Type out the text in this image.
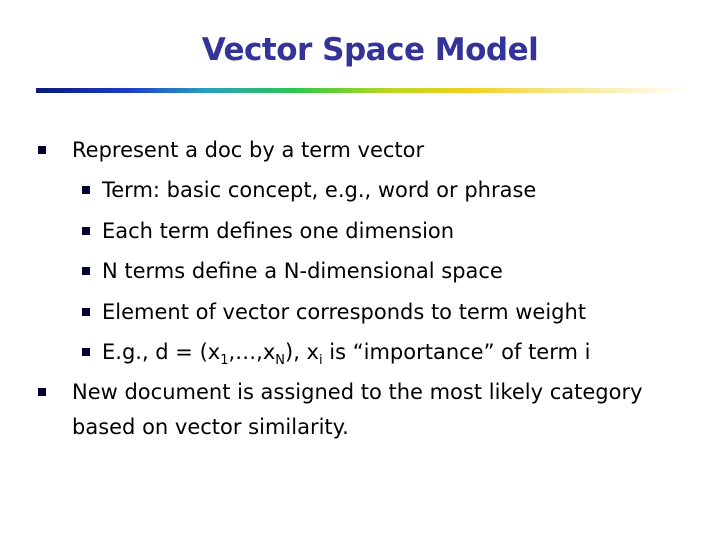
Vector Space Model
Represent a doc by a term vector
Term: basic concept, e.g., word or phrase
Each term defines one dimension
N terms define a N-dimensional space
Element of vector corresponds to term weight
E.g., $d = (x_1,\dots,x_N)$, $x_i$ is “importance” of term i
New document is assigned to the most likely category
based on vector similarity.
